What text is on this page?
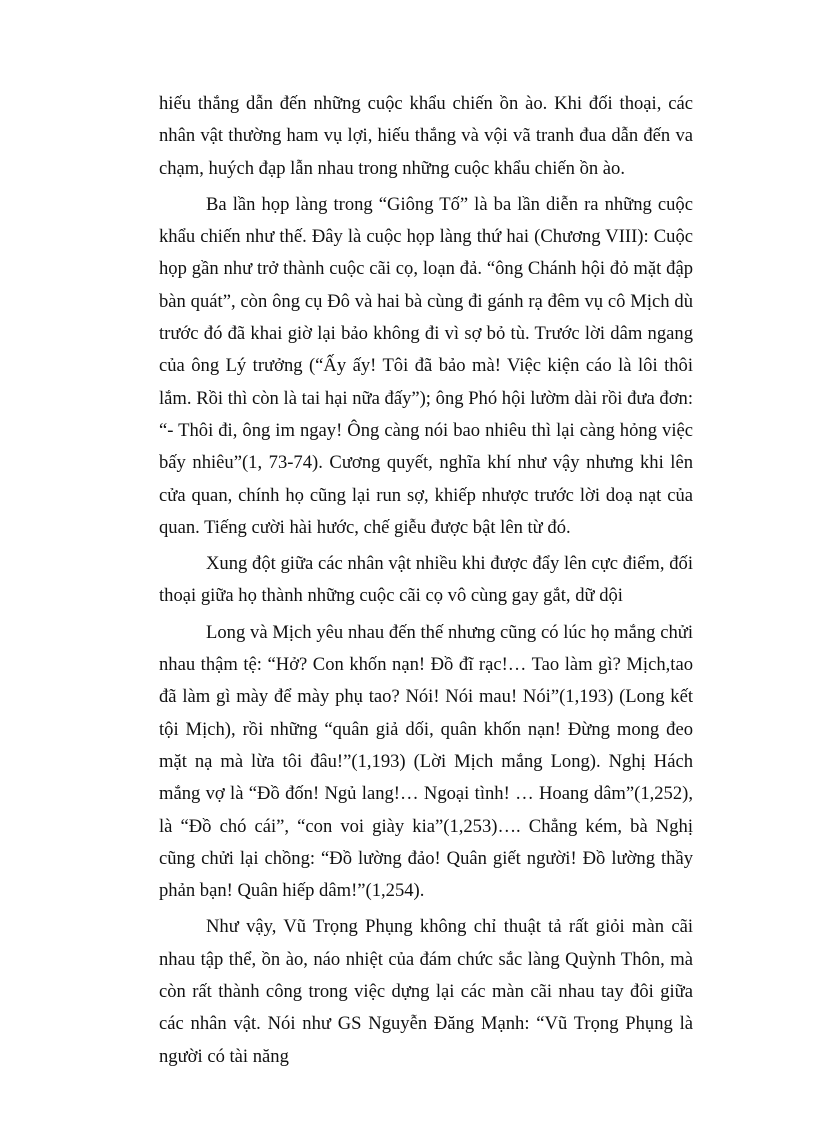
hiếu thắng dẫn đến những cuộc khẩu chiến ồn ào. Khi đối thoại, các nhân vật thường ham vụ lợi, hiếu thắng và vội vã tranh đua dẫn đến va chạm, huých đạp lẫn nhau trong những cuộc khẩu chiến ồn ào.

Ba lần họp làng trong “Giông Tố” là ba lần diễn ra những cuộc khẩu chiến như thế. Đây là cuộc họp làng thứ hai (Chương VIII): Cuộc họp gần như trở thành cuộc cãi cọ, loạn đả. “ông Chánh hội đỏ mặt đập bàn quát”, còn ông cụ Đô và hai bà cùng đi gánh rạ đêm vụ cô Mịch dù trước đó đã khai giờ lại bảo không đi vì sợ bỏ tù. Trước lời dâm ngang của ông Lý trưởng (“Ấy ấy! Tôi đã bảo mà! Việc kiện cáo là lôi thôi lắm. Rồi thì còn là tai hại nữa đấy”); ông Phó hội lườm dài rồi đưa đơn: “- Thôi đi, ông im ngay! Ông càng nói bao nhiêu thì lại càng hỏng việc bấy nhiêu”(1, 73-74). Cương quyết, nghĩa khí như vậy nhưng khi lên cửa quan, chính họ cũng lại run sợ, khiếp nhược trước lời doạ nạt của quan. Tiếng cười hài hước, chế giễu được bật lên từ đó.

Xung đột giữa các nhân vật nhiều khi được đẩy lên cực điểm, đối thoại giữa họ thành những cuộc cãi cọ vô cùng gay gắt, dữ dội

Long và Mịch yêu nhau đến thế nhưng cũng có lúc họ mắng chửi nhau thậm tệ: “Hở? Con khốn nạn! Đồ đĩ rạc!… Tao làm gì? Mịch,tao đã làm gì mày để mày phụ tao? Nói! Nói mau! Nói”(1,193) (Long kết tội Mịch), rồi những “quân giả dối, quân khốn nạn! Đừng mong đeo mặt nạ mà lừa tôi đâu!”(1,193) (Lời Mịch mắng Long). Nghị Hách mắng vợ là “Đồ đốn! Ngủ lang!… Ngoại tình! … Hoang dâm”(1,252), là “Đồ chó cái”, “con voi giày kia”(1,253)…. Chẳng kém, bà Nghị cũng chửi lại chồng: “Đồ lường đảo! Quân giết người! Đồ lường thầy phản bạn! Quân hiếp dâm!”(1,254).

Như vậy, Vũ Trọng Phụng không chỉ thuật tả rất giỏi màn cãi nhau tập thể, ồn ào, náo nhiệt của đám chức sắc làng Quỳnh Thôn, mà còn rất thành công trong việc dựng lại các màn cãi nhau tay đôi giữa các nhân vật. Nói như GS Nguyễn Đăng Mạnh: “Vũ Trọng Phụng là người có tài năng
